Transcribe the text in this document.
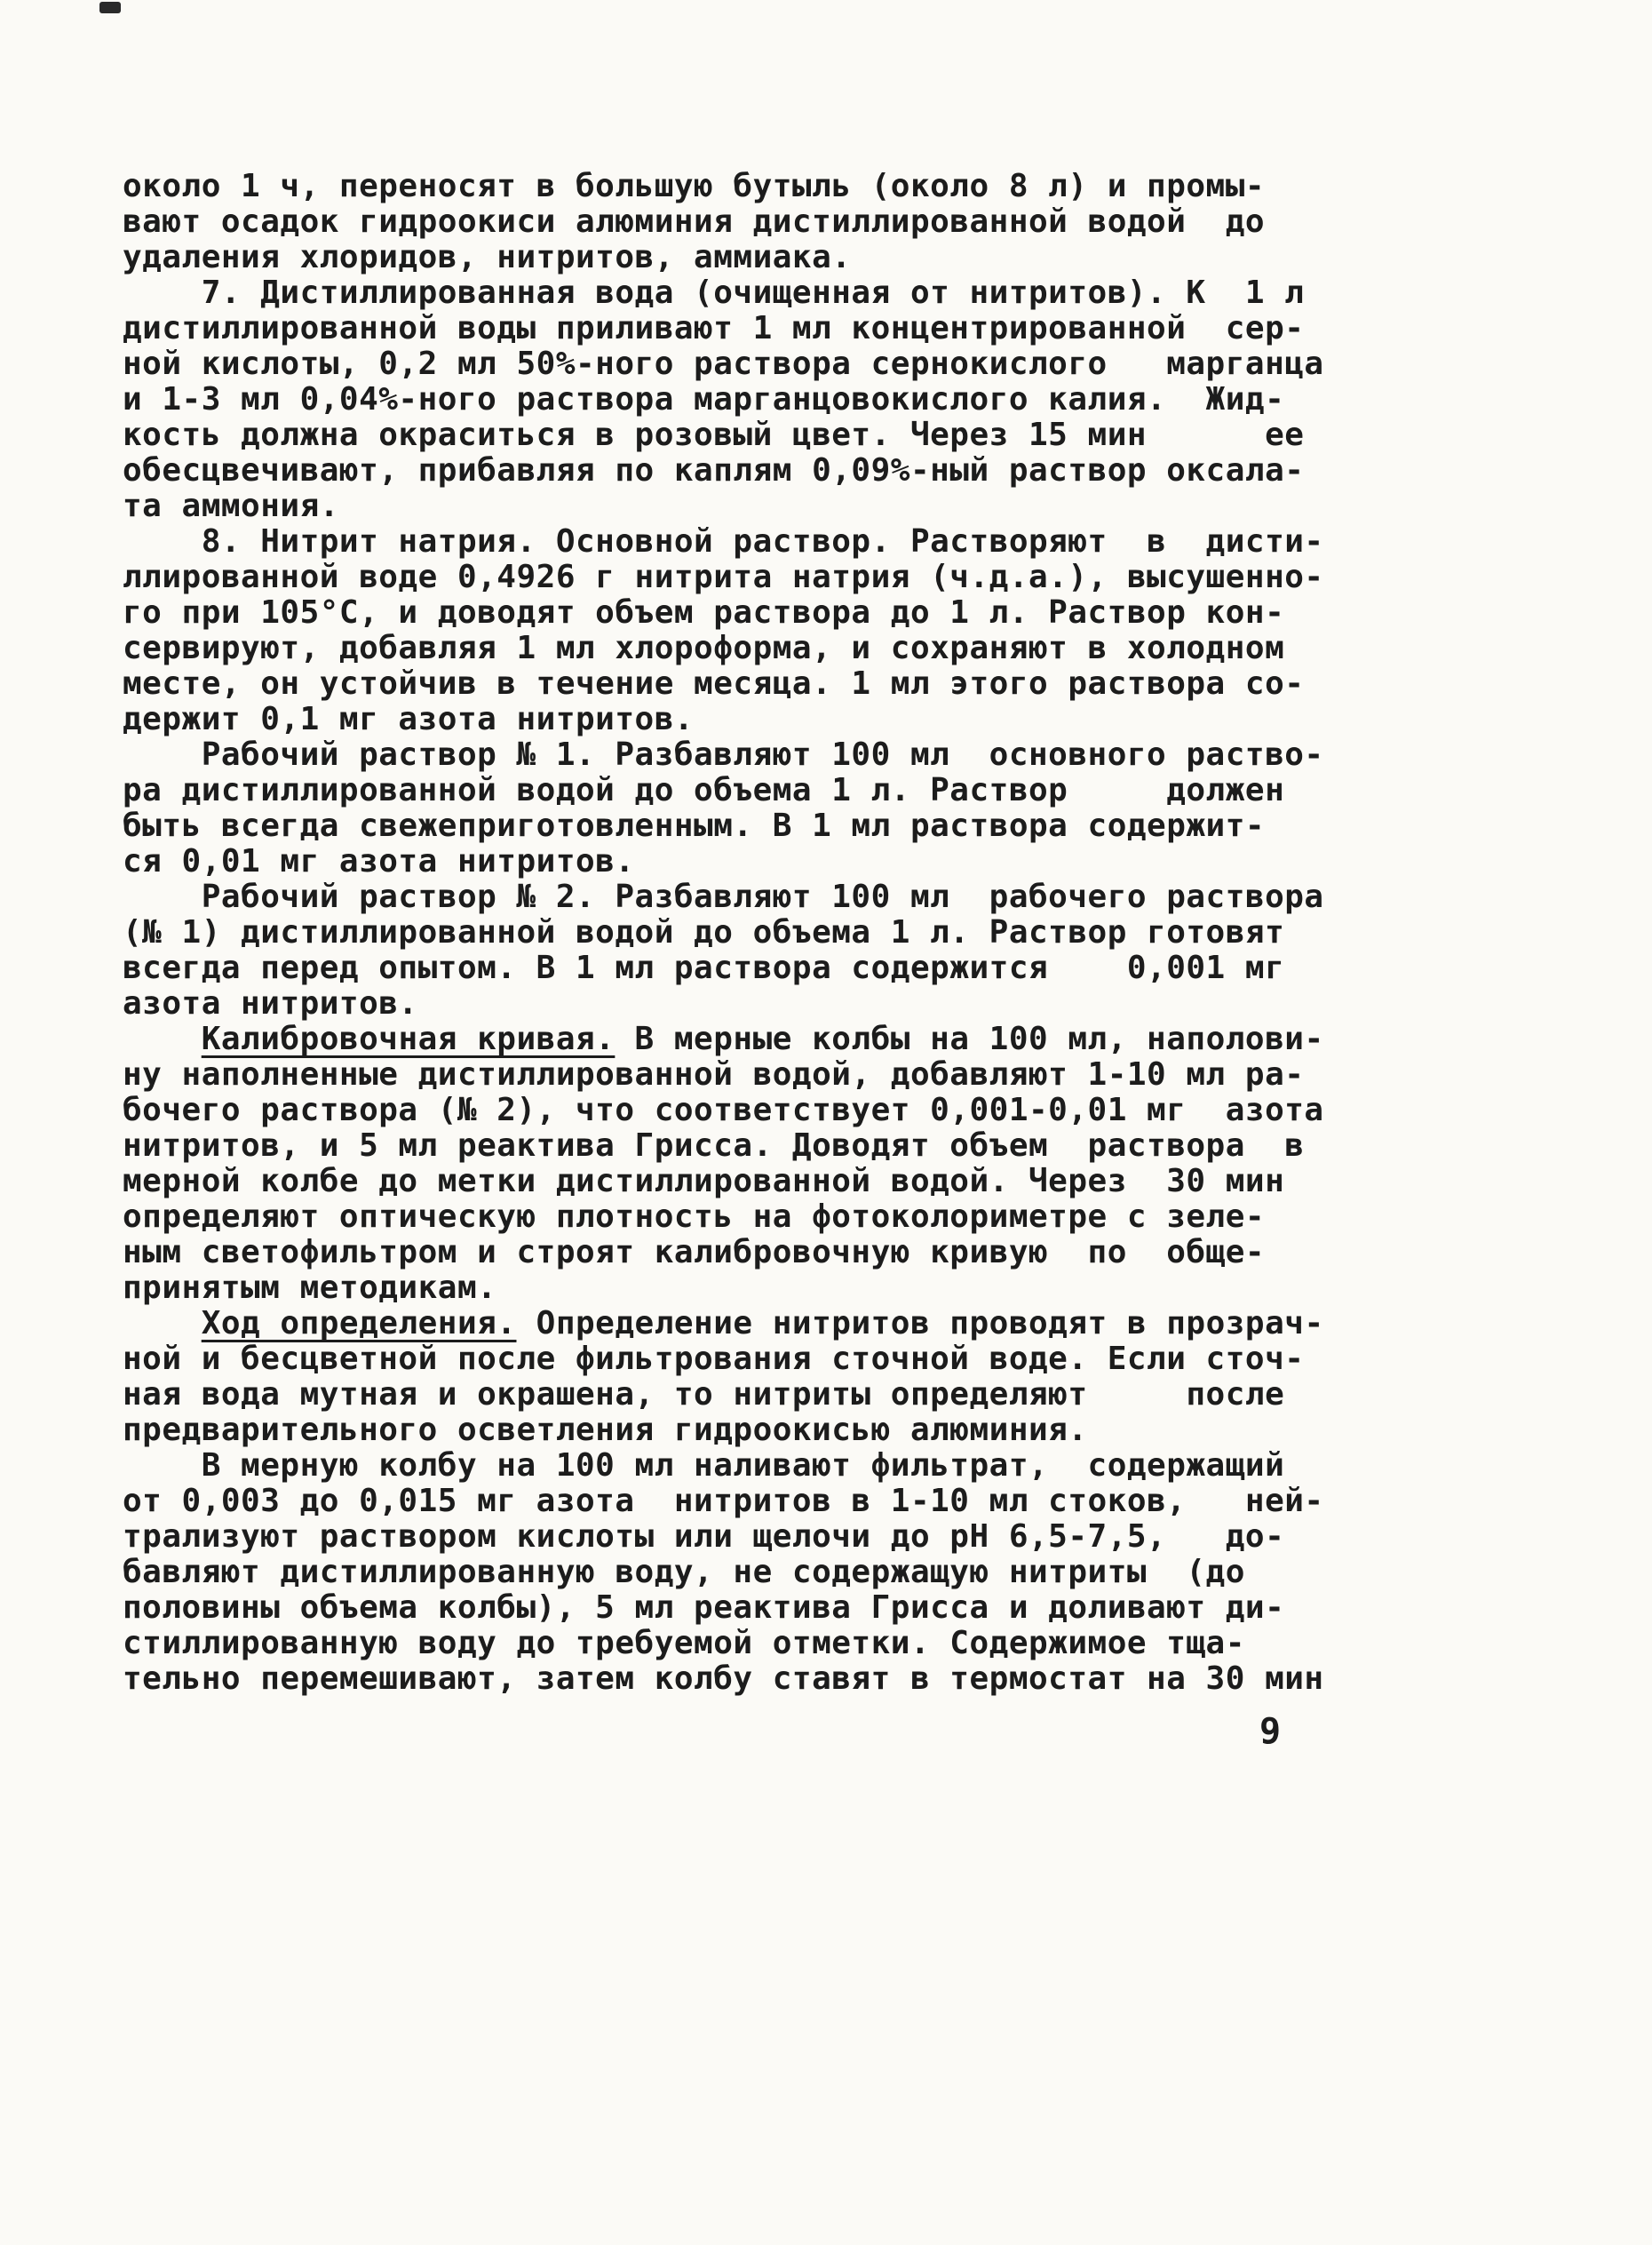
около 1 ч, переносят в большую бутыль (около 8 л) и промы-
вают осадок гидроокиси алюминия дистиллированной водой  до
удаления хлоридов, нитритов, аммиака.
7. Дистиллированная вода (очищенная от нитритов). К  1 л
дистиллированной воды приливают 1 мл концентрированной  сер-
ной кислоты, 0,2 мл 50%-ного раствора сернокислого   марганца
и 1-3 мл 0,04%-ного раствора марганцовокислого калия.  Жид-
кость должна окраситься в розовый цвет. Через 15 мин      ее
обесцвечивают, прибавляя по каплям 0,09%-ный раствор оксала-
та аммония.
8. Нитрит натрия. Основной раствор. Растворяют  в  дисти-
ллированной воде 0,4926 г нитрита натрия (ч.д.а.), высушенно-
го при 105°С, и доводят объем раствора до 1 л. Раствор кон-
сервируют, добавляя 1 мл хлороформа, и сохраняют в холодном
месте, он устойчив в течение месяца. 1 мл этого раствора со-
держит 0,1 мг азота нитритов.
Рабочий раствор № 1. Разбавляют 100 мл  основного раство-
ра дистиллированной водой до объема 1 л. Раствор     должен
быть всегда свежеприготовленным. В 1 мл раствора содержит-
ся 0,01 мг азота нитритов.
Рабочий раствор № 2. Разбавляют 100 мл  рабочего раствора
(№ 1) дистиллированной водой до объема 1 л. Раствор готовят
всегда перед опытом. В 1 мл раствора содержится    0,001 мг
азота нитритов.
Калибровочная кривая. В мерные колбы на 100 мл, наполови-
ну наполненные дистиллированной водой, добавляют 1-10 мл ра-
бочего раствора (№ 2), что соответствует 0,001-0,01 мг  азота
нитритов, и 5 мл реактива Грисса. Доводят объем  раствора  в
мерной колбе до метки дистиллированной водой. Через  30 мин
определяют оптическую плотность на фотоколориметре с зеле-
ным светофильтром и строят калибровочную кривую  по  обще-
принятым методикам.
Ход определения. Определение нитритов проводят в прозрач-
ной и бесцветной после фильтрования сточной воде. Если сточ-
ная вода мутная и окрашена, то нитриты определяют     после
предварительного осветления гидроокисью алюминия.
В мерную колбу на 100 мл наливают фильтрат,  содержащий
от 0,003 до 0,015 мг азота  нитритов в 1-10 мл стоков,   ней-
трализуют раствором кислоты или щелочи до рН 6,5-7,5,   до-
бавляют дистиллированную воду, не содержащую нитриты  (до
половины объема колбы), 5 мл реактива Грисса и доливают ди-
стиллированную воду до требуемой отметки. Содержимое тща-
тельно перемешивают, затем колбу ставят в термостат на 30 мин
9
